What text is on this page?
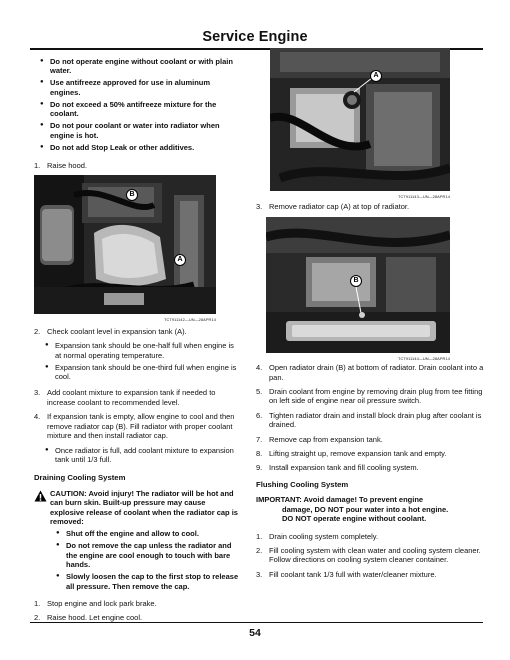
Service Engine
● Do not operate engine without coolant or with plain water.
● Use antifreeze approved for use in aluminum engines.
● Do not exceed a 50% antifreeze mixture for the coolant.
● Do not pour coolant or water into radiator when engine is hot.
● Do not add Stop Leak or other additives.
1. Raise hood.
B
A
TCT911142—UN—28APR14
2. Check coolant level in expansion tank (A).
● Expansion tank should be one-half full when engine is at normal operating temperature.
● Expansion tank should be one-third full when engine is cool.
3. Add coolant mixture to expansion tank if needed to increase coolant to recommended level.
4. If expansion tank is empty, allow engine to cool and then remove radiator cap (B). Fill radiator with proper coolant mixture and then install radiator cap.
● Once radiator is full, add coolant mixture to expansion tank until 1/3 full.
Draining Cooling System
CAUTION: Avoid injury! The radiator will be hot and can burn skin. Built-up pressure may cause explosive release of coolant when the radiator cap is removed:
● Shut off the engine and allow to cool.
● Do not remove the cap unless the radiator and the engine are cool enough to touch with bare hands.
● Slowly loosen the cap to the first stop to release all pressure. Then remove the cap.
1. Stop engine and lock park brake.
2. Raise hood. Let engine cool.
A
TCT911143—UN—28APR14
3. Remove radiator cap (A) at top of radiator.
B
TCT911144—UN—28APR14
4. Open radiator drain (B) at bottom of radiator. Drain coolant into a pan.
5. Drain coolant from engine by removing drain plug from tee fitting on left side of engine near oil pressure switch.
6. Tighten radiator drain and install block drain plug after coolant is drained.
7. Remove cap from expansion tank.
8. Lifting straight up, remove expansion tank and empty.
9. Install expansion tank and fill cooling system.
Flushing Cooling System
IMPORTANT: Avoid damage! To prevent engine
damage, DO NOT pour water into a hot engine.
DO NOT operate engine without coolant.
1. Drain cooling system completely.
2. Fill cooling system with clean water and cooling system cleaner. Follow directions on cooling system cleaner container.
3. Fill coolant tank 1/3 full with water/cleaner mixture.
54
